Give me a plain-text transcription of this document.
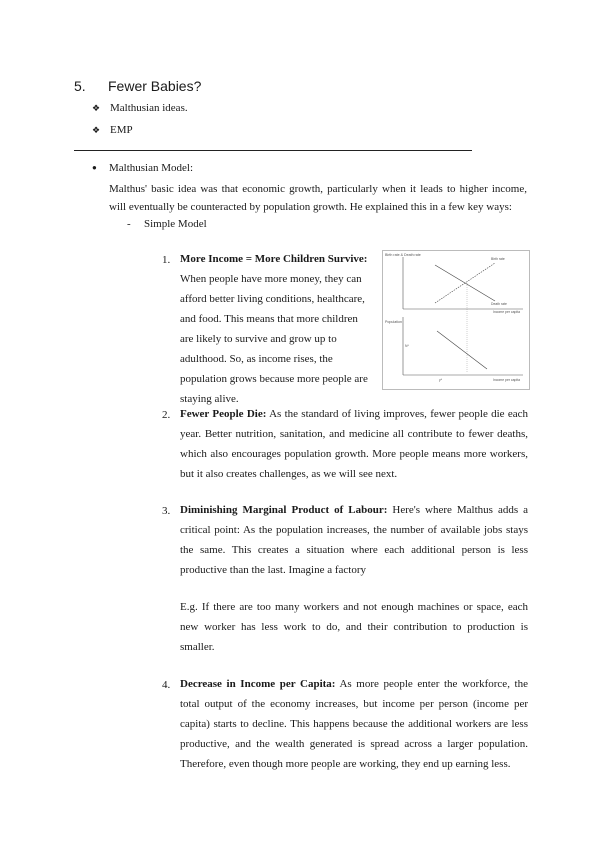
5. Fewer Babies?
❖ Malthusian ideas.
❖ EMP
● Malthusian Model:
Malthus' basic idea was that economic growth, particularly when it leads to higher income, will eventually be counteracted by population growth. He explained this in a few key ways:
- Simple Model
1. More Income = More Children Survive: When people have more money, they can afford better living conditions, healthcare, and food. This means that more children are likely to survive and grow up to adulthood. So, as income rises, the population grows because more people are staying alive.
Birth rate & Death rate
Birth rate
Death rate
Income per capita
Population
N*
y*	Income per capita
2. Fewer People Die: As the standard of living improves, fewer people die each year. Better nutrition, sanitation, and medicine all contribute to fewer deaths, which also encourages population growth. More people means more workers, but it also creates challenges, as we will see next.
3. Diminishing Marginal Product of Labour: Here's where Malthus adds a critical point: As the population increases, the number of available jobs stays the same. This creates a situation where each additional person is less productive than the last. Imagine a factory
E.g. If there are too many workers and not enough machines or space, each new worker has less work to do, and their contribution to production is smaller.
4. Decrease in Income per Capita: As more people enter the workforce, the total output of the economy increases, but income per person (income per capita) starts to decline. This happens because the additional workers are less productive, and the wealth generated is spread across a larger population. Therefore, even though more people are working, they end up earning less.
